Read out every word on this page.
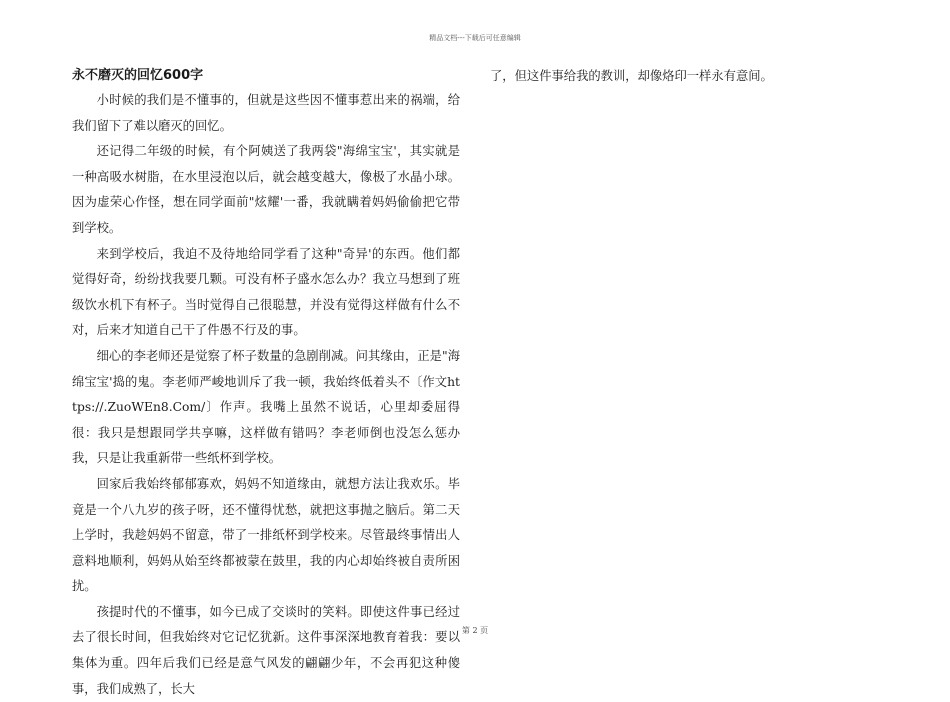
精品文档---下载后可任意编辑
永不磨灭的回忆600字

小时候的我们是不懂事的，但就是这些因不懂事惹出来的祸端，给我们留下了难以磨灭的回忆。

还记得二年级的时候，有个阿姨送了我两袋"海绵宝宝'，其实就是一种高吸水树脂，在水里浸泡以后，就会越变越大，像极了水晶小球。因为虚荣心作怪，想在同学面前"炫耀'一番，我就瞒着妈妈偷偷把它带到学校。

来到学校后，我迫不及待地给同学看了这种"奇异'的东西。他们都觉得好奇，纷纷找我要几颗。可没有杯子盛水怎么办？我立马想到了班级饮水机下有杯子。当时觉得自己很聪慧，并没有觉得这样做有什么不对，后来才知道自己干了件愚不行及的事。

细心的李老师还是觉察了杯子数量的急剧削减。问其缘由，正是"海绵宝宝'捣的鬼。李老师严峻地训斥了我一顿，我始终低着头不〔作文https://.ZuoWEn8.Com/〕作声。我嘴上虽然不说话，心里却委屈得很：我只是想跟同学共享嘛，这样做有错吗？李老师倒也没怎么惩办我，只是让我重新带一些纸杯到学校。

回家后我始终郁郁寡欢，妈妈不知道缘由，就想方法让我欢乐。毕竟是一个八九岁的孩子呀，还不懂得忧愁，就把这事抛之脑后。第二天上学时，我趁妈妈不留意，带了一排纸杯到学校来。尽管最终事情出人意料地顺利，妈妈从始至终都被蒙在鼓里，我的内心却始终被自责所困扰。

孩提时代的不懂事，如今已成了交谈时的笑料。即使这件事已经过去了很长时间，但我始终对它记忆犹新。这件事深深地教育着我：要以集体为重。四年后我们已经是意气风发的翩翩少年，不会再犯这种傻事，我们成熟了，长大

了，但这件事给我的教训，却像烙印一样永有意间。

第 2 页
